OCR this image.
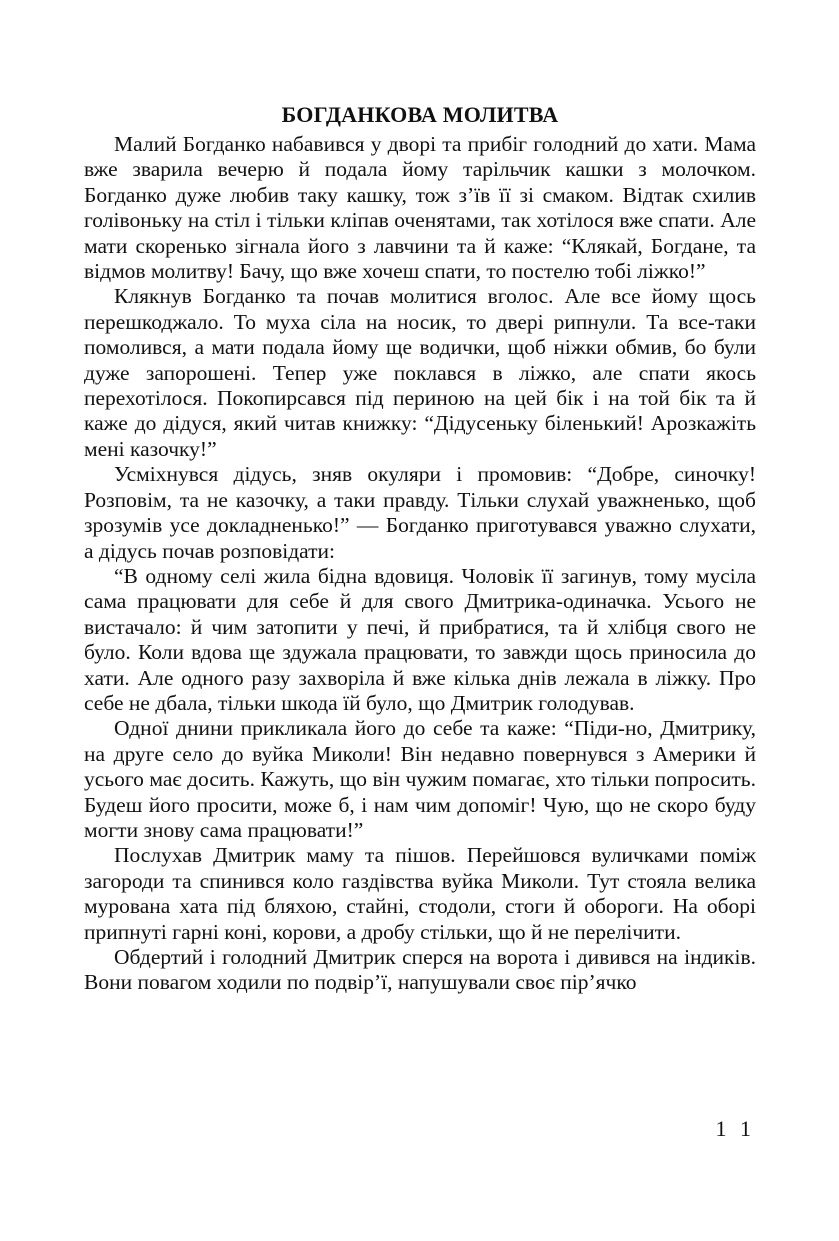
БОГДАНКОВА МОЛИТВА

Малий Богданко набавився у дворі та прибіг голодний до хати. Мама вже зварила вечерю й подала йому тарільчик кашки з молочком. Богданко дуже любив таку кашку, тож з’їв її зі смаком. Відтак схилив голівоньку на стіл і тільки кліпав оченятами, так хотілося вже спати. Але мати скоренько зігнала його з лавчини та й каже: “Клякай, Богдане, та відмов молитву! Бачу, що вже хочеш спати, то постелю тобі ліжко!”

Клякнув Богданко та почав молитися вголос. Але все йому щось перешкоджало. То муха сіла на носик, то двері рипнули. Та все-таки помолився, а мати подала йому ще водички, щоб ніжки обмив, бо були дуже запорошені. Тепер уже поклався в ліжко, але спати якось перехотілося. Покопирсався під периною на цей бік і на той бік та й каже до дідуся, який читав книжку: “Дідусеньку біленький! Арозкажіть мені казочку!”

Усміхнувся дідусь, зняв окуляри і промовив: “Добре, синочку! Розповім, та не казочку, а таки правду. Тільки слухай уважненько, щоб зрозумів усе докладненько!” — Богданко приготувався уважно слухати, а дідусь почав розповідати:

“В одному селі жила бідна вдовиця. Чоловік її загинув, тому мусіла сама працювати для себе й для свого Дмитрика-одиначка. Усього не вистачало: й чим затопити у печі, й прибратися, та й хлібця свого не було. Коли вдова ще здужала працювати, то завжди щось приносила до хати. Але одного разу захворіла й вже кілька днів лежала в ліжку. Про себе не дбала, тільки шкода їй було, що Дмитрик голодував.

Одної днини прикликала його до себе та каже: “Піди-но, Дмитрику, на друге село до вуйка Миколи! Він недавно повернувся з Америки й усього має досить. Кажуть, що він чужим помагає, хто тільки попросить. Будеш його просити, може б, і нам чим допоміг! Чую, що не скоро буду могти знову сама працювати!”

Послухав Дмитрик маму та пішов. Перейшовся вуличками поміж загороди та спинився коло газдівства вуйка Миколи. Тут стояла велика мурована хата під бляхою, стайні, стодоли, стоги й обороги. На оборі припнуті гарні коні, корови, а дробу стільки, що й не перелічити.

Обдертий і голодний Дмитрик сперся на ворота і дивився на індиків. Вони повагом ходили по подвір’ї, напушували своє пір’ячко

1 1
